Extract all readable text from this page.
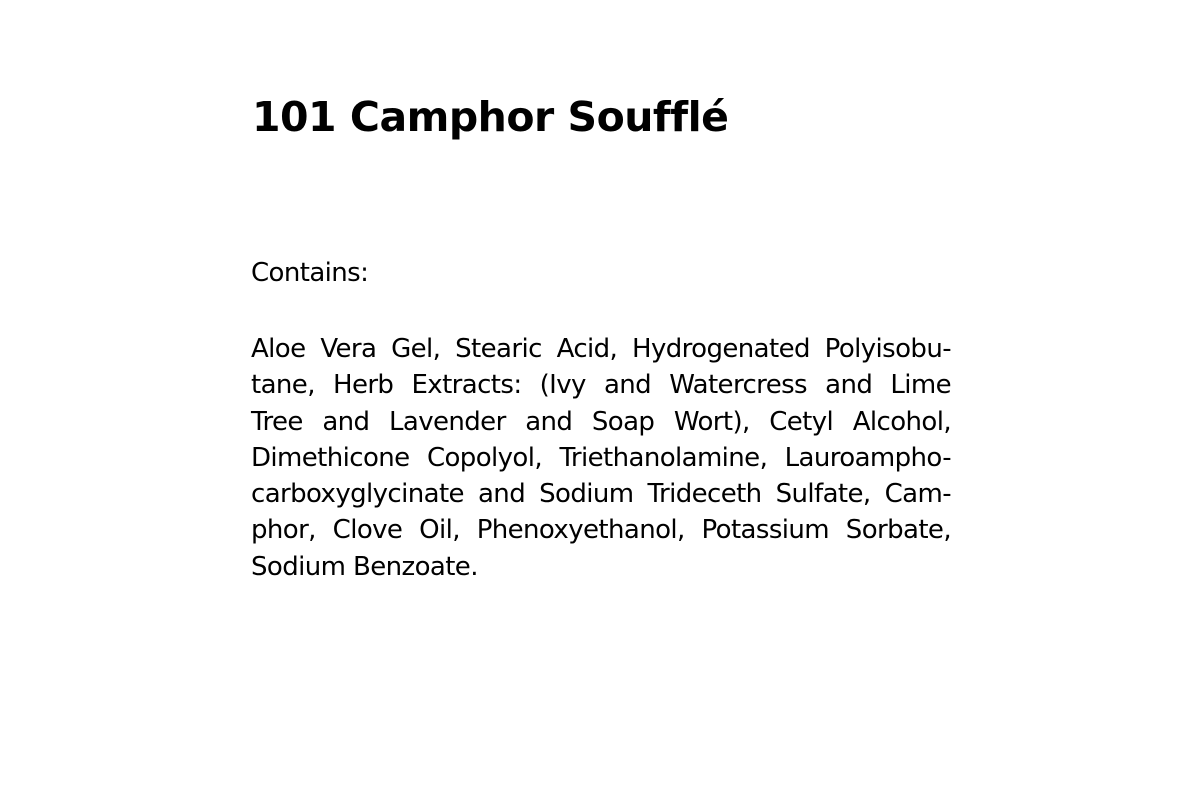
101 Camphor Soufflé

Contains:

Aloe Vera Gel, Stearic Acid, Hydrogenated Polyisobu-
tane, Herb Extracts: (Ivy and Watercress and Lime
Tree and Lavender and Soap Wort), Cetyl Alcohol,
Dimethicone Copolyol, Triethanolamine, Lauroampho-
carboxyglycinate and Sodium Trideceth Sulfate, Cam-
phor, Clove Oil, Phenoxyethanol, Potassium Sorbate,
Sodium Benzoate.
